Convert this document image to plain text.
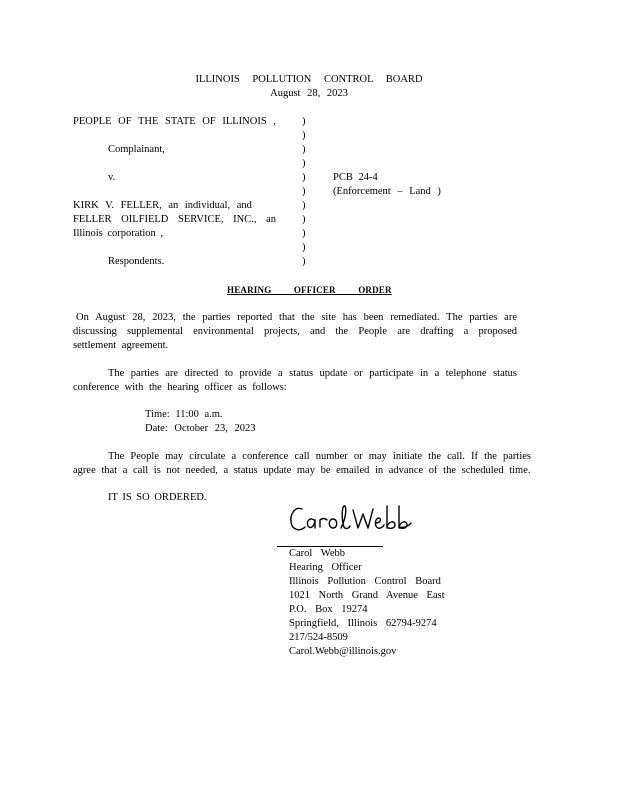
ILLINOIS POLLUTION CONTROL BOARD
August 28, 2023
PEOPLE OF THE STATE OF ILLINOIS ,
Complainant,
v.
KIRK V. FELLER, an individual, and
FELLER OILFIELD SERVICE, INC., an
Illinois corporation ,
Respondents.
)
)
)
)
)
)
)
)
)
)
)
PCB 24-4
(Enforcement – Land )
HEARING OFFICER ORDER
On August 28, 2023, the parties reported that the site has been remediated. The parties are discussing supplemental environmental projects, and the People are drafting a proposed settlement agreement.
The parties are directed to provide a status update or participate in a telephone status conference with the hearing officer as follows:
Time: 11:00 a.m.
Date: October 23, 2023
The People may circulate a conference call number or may initiate the call. If the parties agree that a call is not needed, a status update may be emailed in advance of the scheduled time.
IT IS SO ORDERED.
Carol Webb
Hearing Officer
Illinois Pollution Control Board
1021 North Grand Avenue East
P.O. Box 19274
Springfield, Illinois 62794-9274
217/524-8509
Carol.Webb@illinois.gov
